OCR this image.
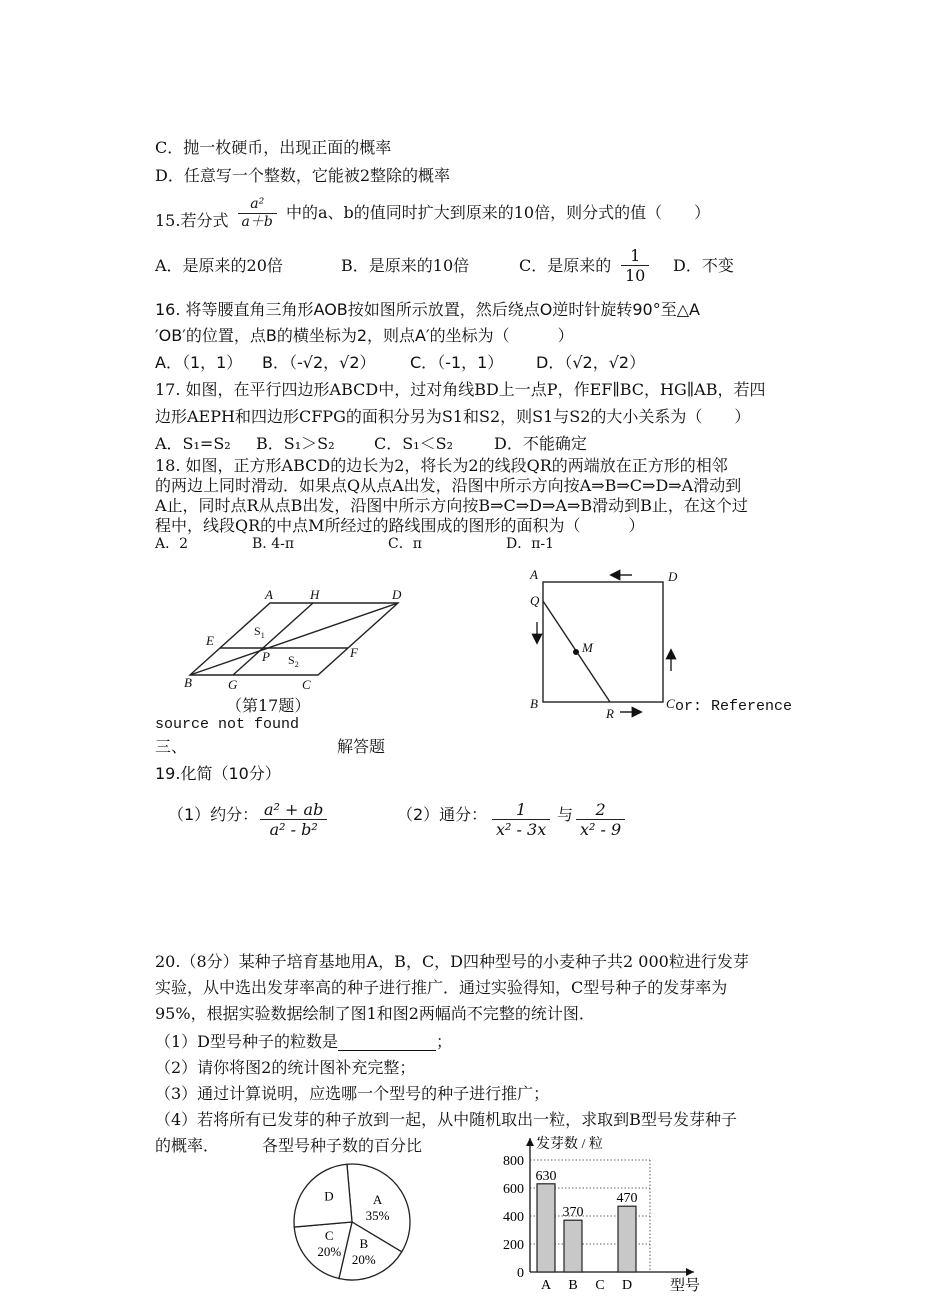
C．抛一枚硬币，出现正面的概率
D．任意写一个整数，它能被2整除的概率
15.若分式 $\frac{\text{a²}}{a+b}$ 中的a、b的值同时扩大到原来的10倍，则分式的值（　　）
A．是原来的20倍	B．是原来的10倍	C．是原来的 $\frac{1}{10}$ D．不变
16. 将等腰直角三角形AOB按如图所示放置，然后绕点O逆时针旋转90°至△A
′OB′的位置，点B的横坐标为2，则点A′的坐标为（　　　）
A．（1，1） B．（-√2，√2） C．（-1，1） D．（√2，√2）
17. 如图，在平行四边形ABCD中，过对角线BD上一点P，作EF∥BC，HG∥AB，若四
边形AEPH和四边形CFPG的面积分另为S1和S2，则S1与S2的大小关系为（　　）
A．S₁=S₂ B．S₁＞S₂ C．S₁＜S₂	D．不能确定
18. 如图，正方形ABCD的边长为2，将长为2的线段QR的两端放在正方形的相邻
的两边上同时滑动．如果点Q从点A出发，沿图中所示方向按A⇒B⇒C⇒D⇒A滑动到
A止，同时点R从点B出发，沿图中所示方向按B⇒C⇒D⇒A⇒B滑动到B止，在这个过
程中，线段QR的中点M所经过的路线围成的图形的面积为（　　　）
A．2	B. 4-π	C．π	D．π-1
A	H	D
E
P	F
B	G	C
$S_1$
$S_2$
（第17题）
A	D
Q
M
B
R
C or: Reference
source not found
三、	解答题
19.化简（10分）
（1）约分： $\frac{\text{a² + ab}}{\text{a² - b²}}$	（2）通分： $\frac{1}{\text{x² - 3x}}$ 与 $\frac{2}{\text{x² - 9}}$
20.（8分）某种子培育基地用A，B，C，D四种型号的小麦种子共2 000粒进行发芽
实验，从中选出发芽率高的种子进行推广．通过实验得知，C型号种子的发芽率为
95%，根据实验数据绘制了图1和图2两幅尚不完整的统计图．
（1）D型号种子的粒数是	；
（2）请你将图2的统计图补充完整；
（3）通过计算说明，应选哪一个型号的种子进行推广；
（4）若将所有已发芽的种子放到一起，从中随机取出一粒，求取到B型号发芽种子
的概率．	各型号种子数的百分比
A
35%
B
20%
C
20%
D
发芽数 / 粒
0
200
400
600
800
630
A
370
B C
470
D	型号
